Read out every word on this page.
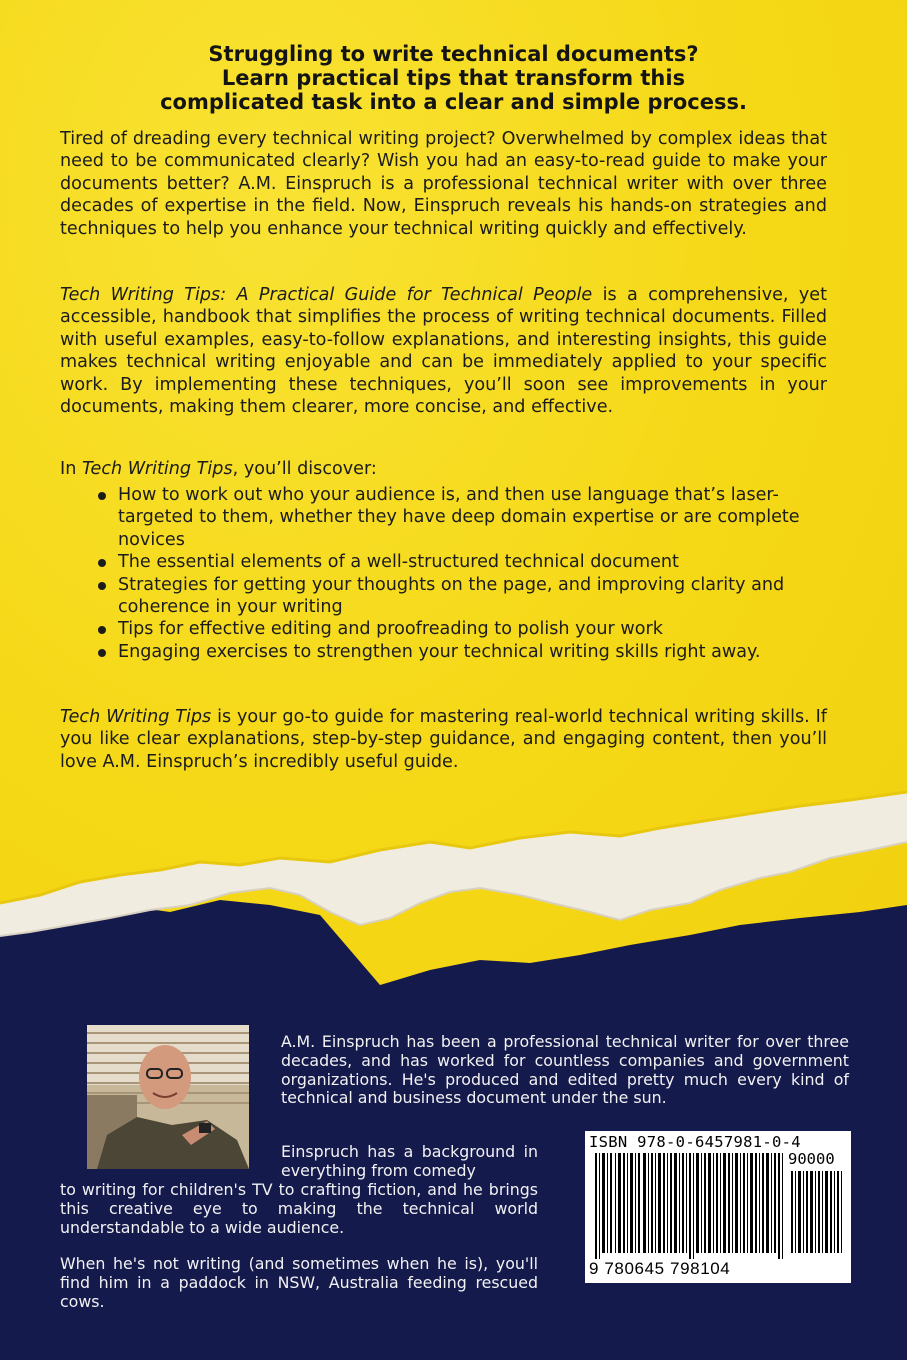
Struggling to write technical documents?
Learn practical tips that transform this
complicated task into a clear and simple process.
Tired of dreading every technical writing project? Overwhelmed by complex ideas that need to be communicated clearly? Wish you had an easy-to-read guide to make your documents better? A.M. Einspruch is a professional technical writer with over three decades of expertise in the field. Now, Einspruch reveals his hands-on strategies and techniques to help you enhance your technical writing quickly and effectively.
Tech Writing Tips: A Practical Guide for Technical People is a comprehensive, yet accessible, handbook that simplifies the process of writing technical documents. Filled with useful examples, easy-to-follow explanations, and interesting insights, this guide makes technical writing enjoyable and can be immediately applied to your specific work. By implementing these techniques, you’ll soon see improvements in your documents, making them clearer, more concise, and effective.
In Tech Writing Tips, you’ll discover:
How to work out who your audience is, and then use language that’s laser-targeted to them, whether they have deep domain expertise or are complete novices
The essential elements of a well-structured technical document
Strategies for getting your thoughts on the page, and improving clarity and coherence in your writing
Tips for effective editing and proofreading to polish your work
Engaging exercises to strengthen your technical writing skills right away.
Tech Writing Tips is your go-to guide for mastering real-world technical writing skills. If you like clear explanations, step-by-step guidance, and engaging content, then you’ll love A.M. Einspruch’s incredibly useful guide.
A.M. Einspruch has been a professional technical writer for over three decades, and has worked for countless companies and government organizations. He's produced and edited pretty much every kind of technical and business document under the sun.
Einspruch has a background in everything from comedy
to writing for children's TV to crafting fiction, and he brings this creative eye to making the technical world understandable to a wide audience.
When he's not writing (and sometimes when he is), you'll find him in a paddock in NSW, Australia feeding rescued cows.
ISBN 978-0-6457981-0-4
90000
9 780645 798104
